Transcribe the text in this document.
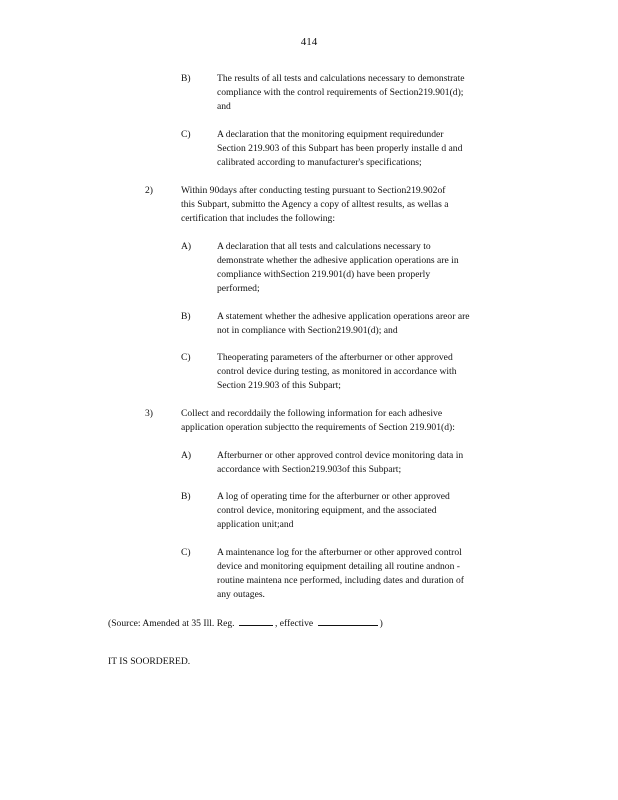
414
B)	The results of all tests and calculations necessary to demonstrate
compliance with the control requirements of Section219.901(d);
and
C)	A declaration that the monitoring equipment requiredunder
Section 219.903 of this Subpart has been properly installe d and
calibrated according to manufacturer's specifications;
2)	Within 90days after conducting testing pursuant to Section219.902of
this Subpart, submitto the Agency a copy of alltest results, as wellas a
certification that includes the following:
A)	A declaration that all tests and calculations necessary to
demonstrate whether the adhesive application operations are in
compliance withSection 219.901(d) have been properly
performed;
B)	A statement whether the adhesive application operations areor are
not in compliance with Section219.901(d); and
C)	Theoperating parameters of the afterburner or other approved
control device during testing, as monitored in accordance with
Section 219.903 of this Subpart;
3)	Collect and recorddaily the following information for each adhesive
application operation subjectto the requirements of Section 219.901(d):
A)	Afterburner or other approved control device monitoring data in
accordance with Section219.903of this Subpart;
B)	A log of operating time for the afterburner or other approved
control device, monitoring equipment, and the associated
application unit;and
C)	A maintenance log for the afterburner or other approved control
device and monitoring equipment detailing all routine andnon -
routine maintena nce performed, including dates and duration of
any outages.
(Source: Amended at 35 Ill. Reg.	, effective	)
IT IS SOORDERED.
